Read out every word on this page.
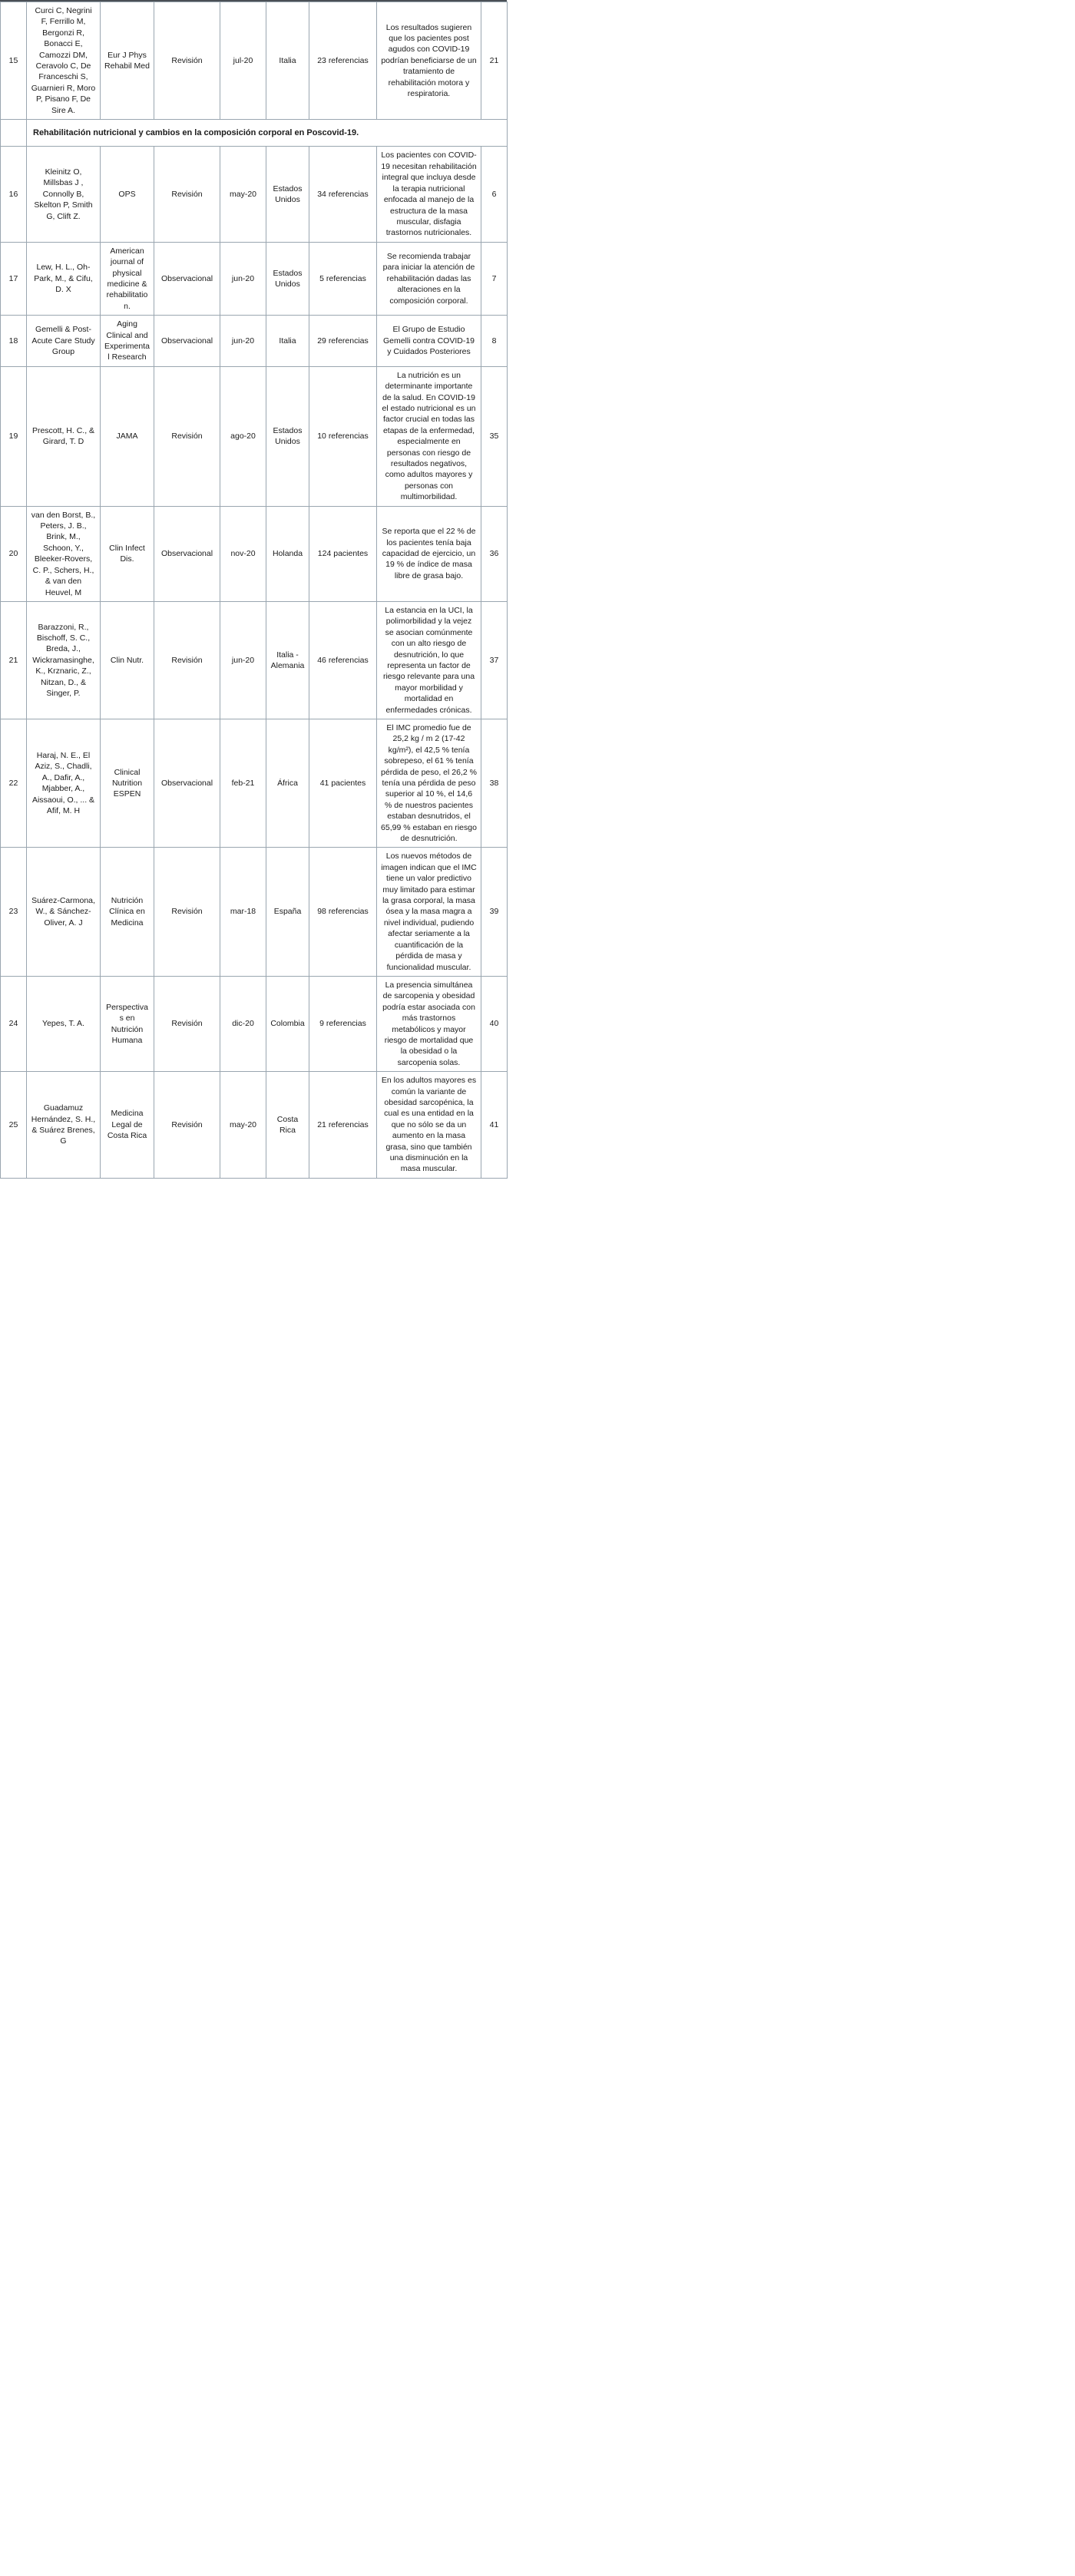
15	Curci C, Negrini F, Ferrillo M, Bergonzi R, Bonacci E, Camozzi DM, Ceravolo C, De Franceschi S, Guarnieri R, Moro P, Pisano F, De Sire A.	Eur J Phys Rehabil Med	Revisión	jul-20	Italia	23 referencias	Los resultados sugieren que los pacientes post agudos con COVID-19 podrían beneficiarse de un tratamiento de rehabilitación motora y respiratoria.	21
	Rehabilitación nutricional y cambios en la composición corporal en Poscovid-19.							
16	Kleinitz O, Millsbas J , Connolly B, Skelton P, Smith G, Clift Z.	OPS	Revisión	may-20	Estados Unidos	34 referencias	Los pacientes con COVID-19 necesitan rehabilitación integral que incluya desde la terapia nutricional enfocada al manejo de la estructura de la masa muscular, disfagia trastornos nutricionales.	6
17	Lew, H. L., Oh-Park, M., & Cifu, D. X	American journal of physical medicine & rehabilitation.	Observacional	jun-20	Estados Unidos	5 referencias	Se recomienda trabajar para iniciar la atención de rehabilitación dadas las alteraciones en la composición corporal.	7
18	Gemelli & Post-Acute Care Study Group	Aging Clinical and Experimental Research	Observacional	jun-20	Italia	29 referencias	El Grupo de Estudio Gemelli contra COVID-19 y Cuidados Posteriores	8
19	Prescott, H. C., & Girard, T. D	JAMA	Revisión	ago-20	Estados Unidos	10 referencias	La nutrición es un determinante importante de la salud. En COVID-19 el estado nutricional es un factor crucial en todas las etapas de la enfermedad, especialmente en personas con riesgo de resultados negativos, como adultos mayores y personas con multimorbilidad.	35
20	van den Borst, B., Peters, J. B., Brink, M., Schoon, Y., Bleeker-Rovers, C. P., Schers, H., & van den Heuvel, M	Clin Infect Dis.	Observacional	nov-20	Holanda	124 pacientes	Se reporta que el 22 % de los pacientes tenía baja capacidad de ejercicio, un 19 % de índice de masa libre de grasa bajo.	36
21	Barazzoni, R., Bischoff, S. C., Breda, J., Wickramasinghe, K., Krznaric, Z., Nitzan, D., & Singer, P.	Clin Nutr.	Revisión	jun-20	Italia - Alemania	46 referencias	La estancia en la UCI, la polimorbilidad y la vejez se asocian comúnmente con un alto riesgo de desnutrición, lo que representa un factor de riesgo relevante para una mayor morbilidad y mortalidad en enfermedades crónicas.	37
22	Haraj, N. E., El Aziz, S., Chadli, A., Dafir, A., Mjabber, A., Aissaoui, O., ... & Afif, M. H	Clinical Nutrition ESPEN	Observacional	feb-21	África	41 pacientes	El IMC promedio fue de 25,2 kg / m 2 (17-42 kg/m²), el 42,5 % tenía sobrepeso, el 61 % tenía pérdida de peso, el 26,2 % tenía una pérdida de peso superior al 10 %, el 14,6 % de nuestros pacientes estaban desnutridos, el 65,99 % estaban en riesgo de desnutrición.	38
23	Suárez-Carmona, W., & Sánchez-Oliver, A. J	Nutrición Clínica en Medicina	Revisión	mar-18	España	98 referencias	Los nuevos métodos de imagen indican que el IMC tiene un valor predictivo muy limitado para estimar la grasa corporal, la masa ósea y la masa magra a nivel individual, pudiendo afectar seriamente a la cuantificación de la pérdida de masa y funcionalidad muscular.	39
24	Yepes, T. A.	Perspectivas en Nutrición Humana	Revisión	dic-20	Colombia	9 referencias	La presencia simultánea de sarcopenia y obesidad podría estar asociada con más trastornos metabólicos y mayor riesgo de mortalidad que la obesidad o la sarcopenia solas.	40
25	Guadamuz Hernández, S. H., & Suárez Brenes, G	Medicina Legal de Costa Rica	Revisión	may-20	Costa Rica	21 referencias	En los adultos mayores es común la variante de obesidad sarcopénica, la cual es una entidad en la que no sólo se da un aumento en la masa grasa, sino que también una disminución en la masa muscular.	41
